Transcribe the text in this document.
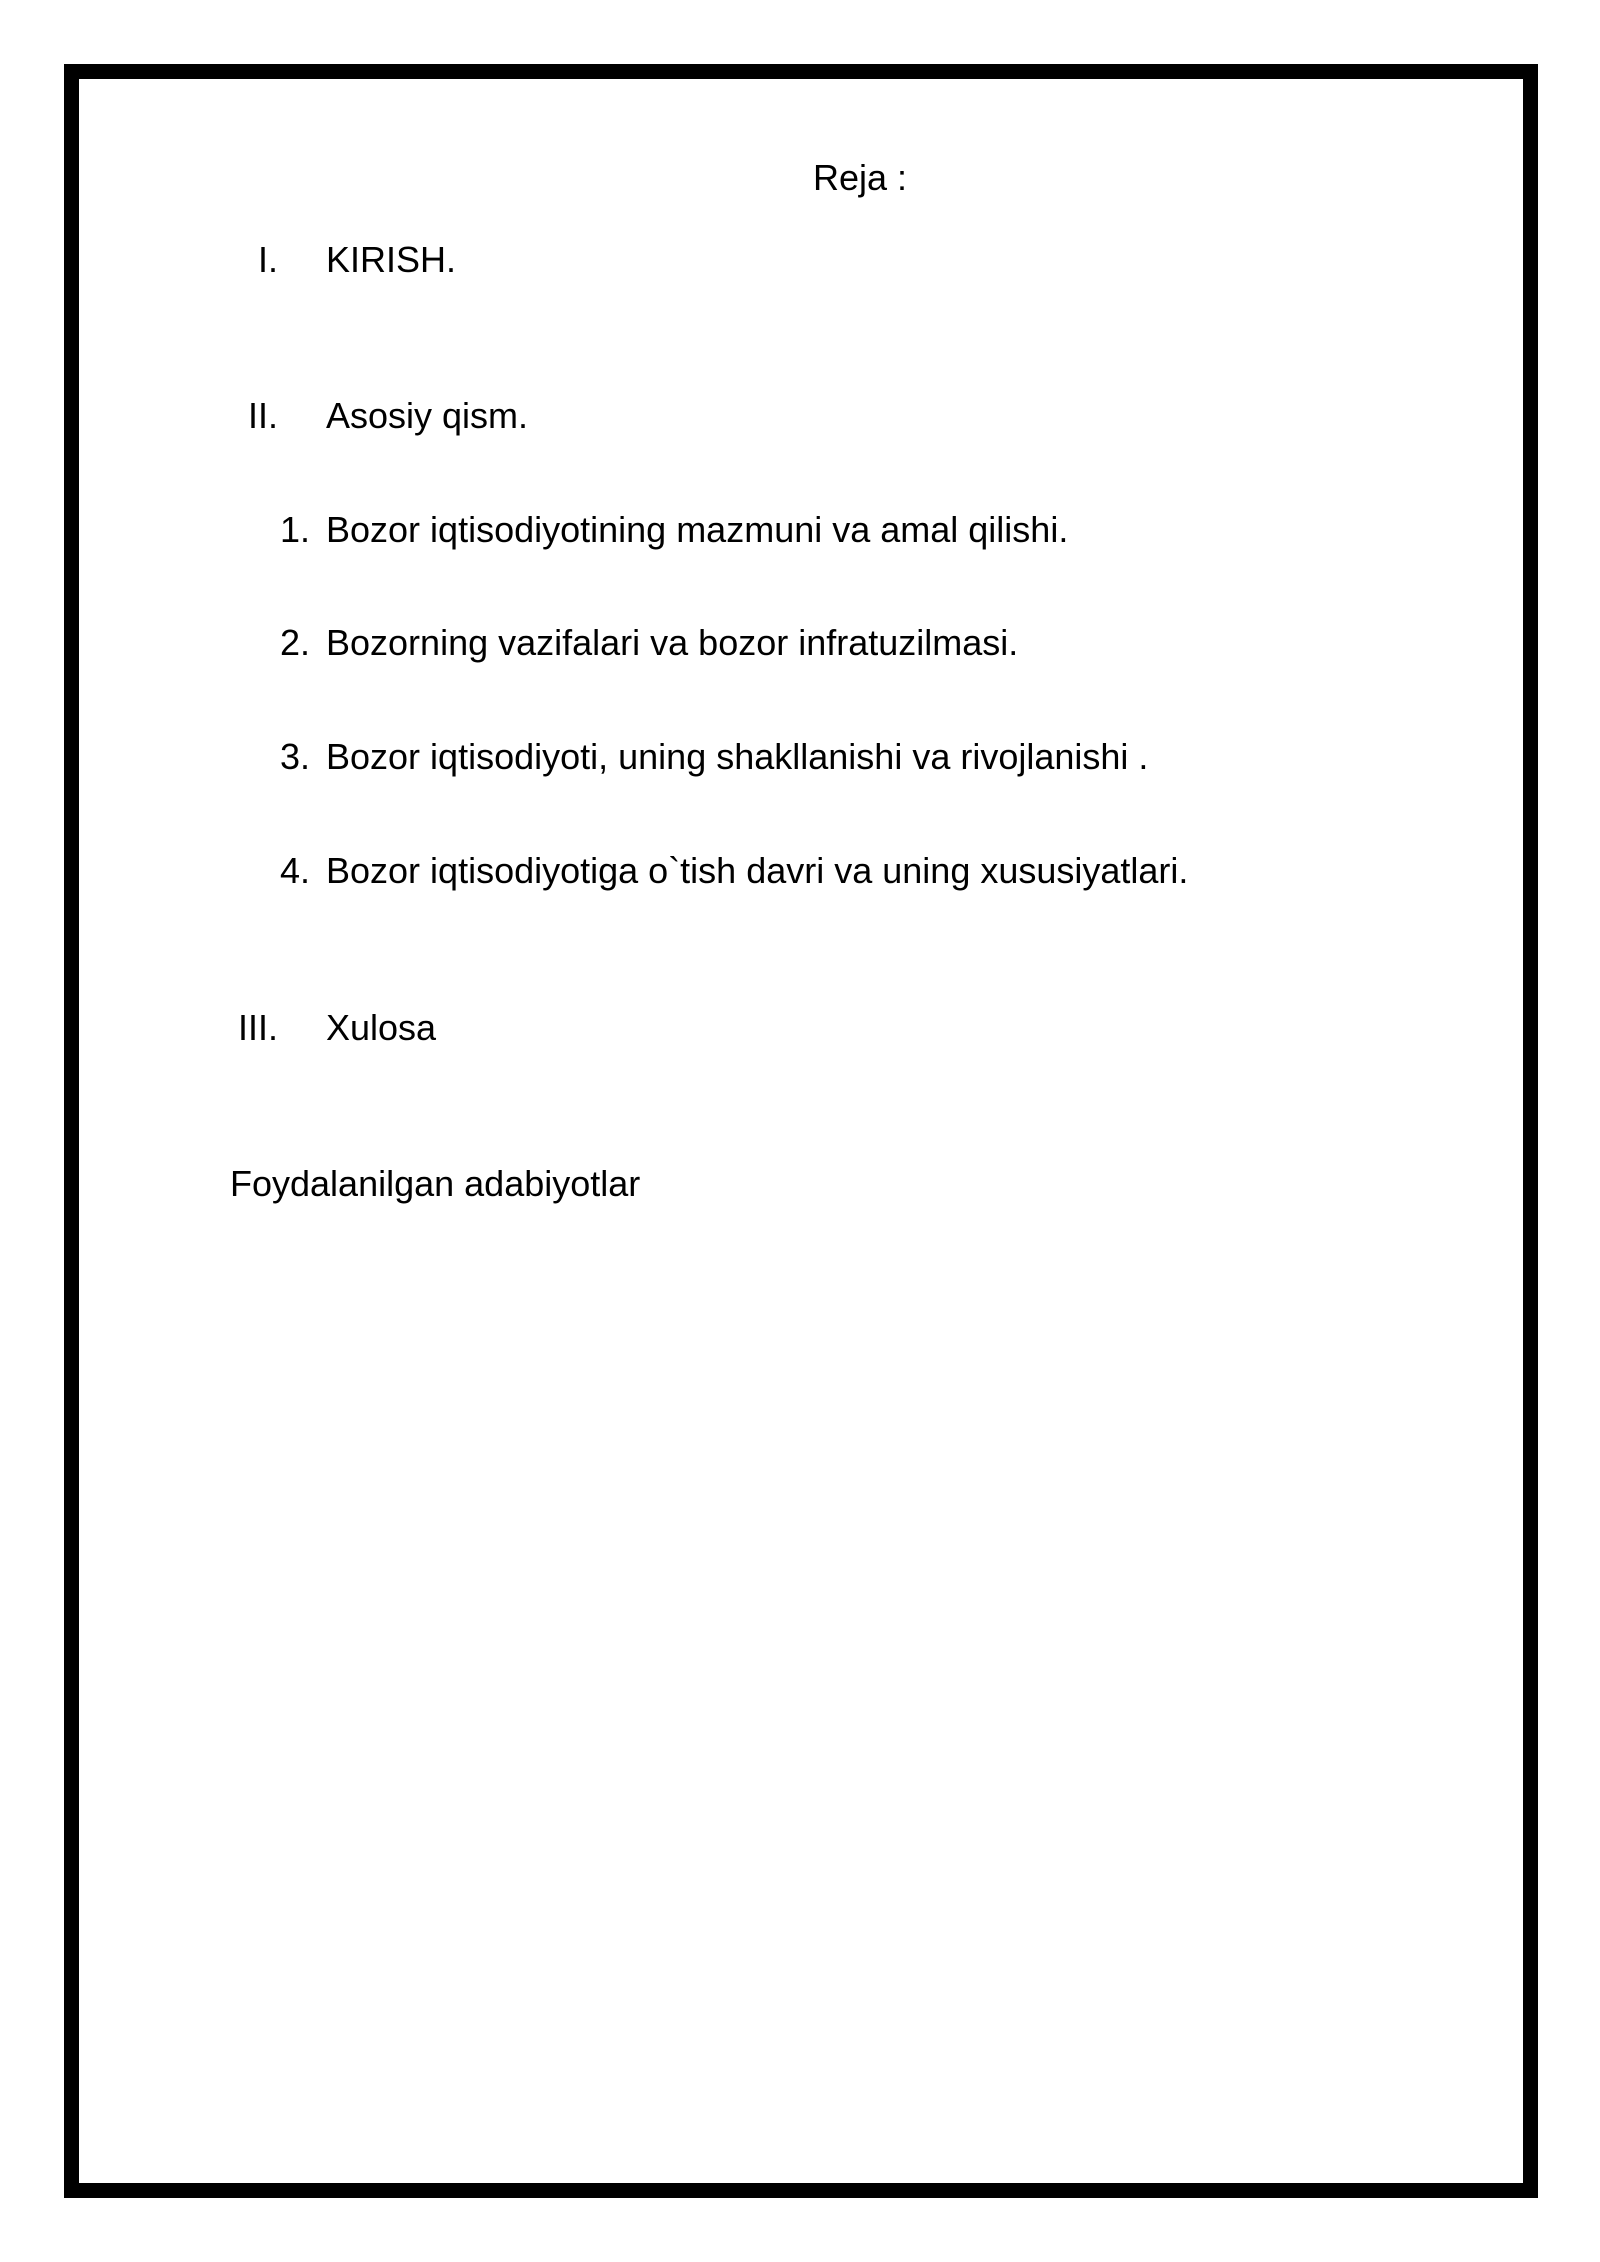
Reja :
I. KIRISH.
II. Asosiy qism.
1. Bozor iqtisodiyotining mazmuni va amal qilishi.
2. Bozorning vazifalari va bozor infratuzilmasi.
3. Bozor iqtisodiyoti, uning shakllanishi va rivojlanishi .
4. Bozor iqtisodiyotiga o`tish davri va uning xususiyatlari.
III. Xulosa
Foydalanilgan adabiyotlar
